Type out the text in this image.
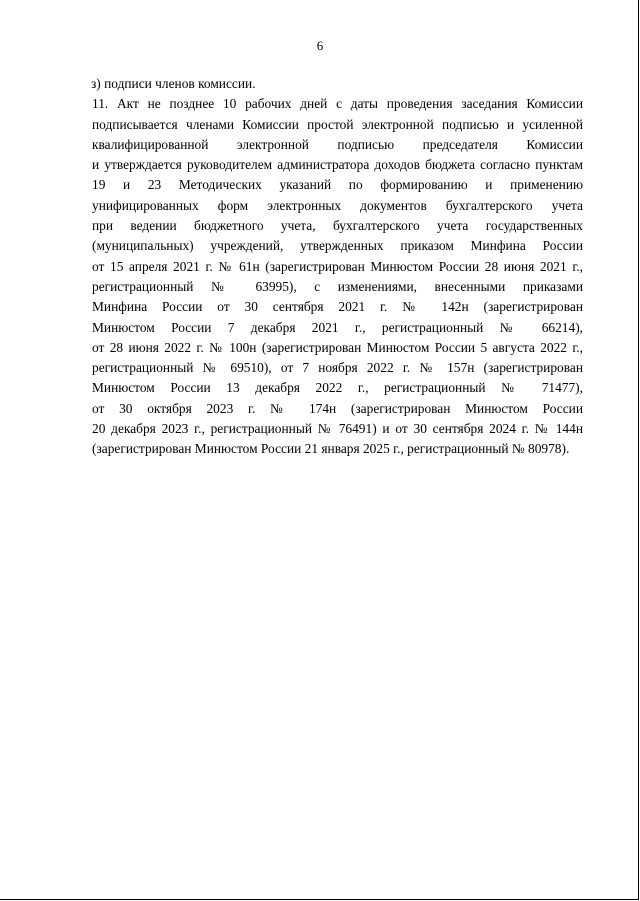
6

з) подписи членов комиссии.

11. Акт не позднее 10 рабочих дней с даты проведения заседания Комиссии
подписывается членами Комиссии простой электронной подписью и усиленной
квалифицированной электронной подписью председателя Комиссии
и утверждается руководителем администратора доходов бюджета согласно пунктам
19 и 23 Методических указаний по формированию и применению
унифицированных форм электронных документов бухгалтерского учета
при ведении бюджетного учета, бухгалтерского учета государственных
(муниципальных) учреждений, утвержденных приказом Минфина России
от 15 апреля 2021 г. № 61н (зарегистрирован Минюстом России 28 июня 2021 г.,
регистрационный № 63995), с изменениями, внесенными приказами
Минфина России от 30 сентября 2021 г. № 142н (зарегистрирован
Минюстом России 7 декабря 2021 г., регистрационный № 66214),
от 28 июня 2022 г. № 100н (зарегистрирован Минюстом России 5 августа 2022 г.,
регистрационный № 69510), от 7 ноября 2022 г. № 157н (зарегистрирован
Минюстом России 13 декабря 2022 г., регистрационный № 71477),
от 30 октября 2023 г. № 174н (зарегистрирован Минюстом России
20 декабря 2023 г., регистрационный № 76491) и от 30 сентября 2024 г. № 144н
(зарегистрирован Минюстом России 21 января 2025 г., регистрационный № 80978).
